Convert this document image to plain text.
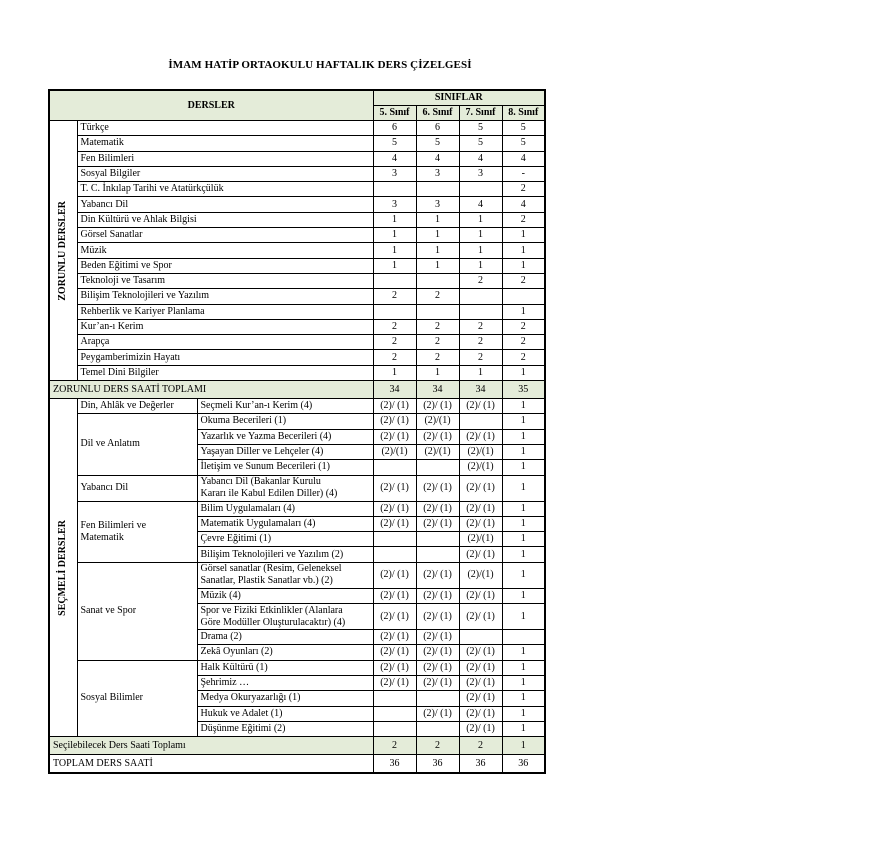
İMAM HATİP ORTAOKULU HAFTALIK DERS ÇİZELGESİ
DERSLER			SINIFLAR			
			5. Sınıf	6. Sınıf	7. Sınıf	8. Sınıf

ZORUNLU DERSLER	Türkçe		6	6	5	5
	Matematik		5	5	5	5
	Fen Bilimleri		4	4	4	4
	Sosyal Bilgiler		3	3	3	-
	T. C. İnkılap Tarihi ve Atatürkçülük					2
	Yabancı Dil		3	3	4	4
	Din Kültürü ve Ahlak Bilgisi		1	1	1	2
	Görsel Sanatlar		1	1	1	1
	Müzik		1	1	1	1
	Beden Eğitimi ve Spor		1	1	1	1
	Teknoloji ve Tasarım				2	2
	Bilişim Teknolojileri ve Yazılım		2	2		
	Rehberlik ve Kariyer Planlama					1
	Kur’an-ı Kerim		2	2	2	2
	Arapça		2	2	2	2
	Peygamberimizin Hayatı		2	2	2	2
	Temel Dini Bilgiler		1	1	1	1
ZORUNLU DERS SAATİ TOPLAMI			34	34	34	35

SEÇMELİ DERSLER	Din, Ahlâk ve Değerler	Seçmeli Kur’an-ı Kerim (4)	(2)/ (1)	(2)/ (1)	(2)/ (1)	1
	Dil ve Anlatım	Okuma Becerileri (1)	(2)/ (1)	(2)/(1)		1
		Yazarlık ve Yazma Becerileri (4)	(2)/ (1)	(2)/ (1)	(2)/ (1)	1
		Yaşayan Diller ve Lehçeler (4)	(2)/(1)	(2)/(1)	(2)/(1)	1
		İletişim ve Sunum Becerileri (1)			(2)/(1)	1
	Yabancı Dil	Yabancı Dil (Bakanlar Kurulu
Kararı ile Kabul Edilen Diller) (4)	(2)/ (1)	(2)/ (1)	(2)/ (1)	1
	Fen Bilimleri ve
Matematik	Bilim Uygulamaları (4)	(2)/ (1)	(2)/ (1)	(2)/ (1)	1
		Matematik Uygulamaları (4)	(2)/ (1)	(2)/ (1)	(2)/ (1)	1
		Çevre Eğitimi (1)			(2)/(1)	1
		Bilişim Teknolojileri ve Yazılım (2)			(2)/ (1)	1
	Sanat ve Spor	Görsel sanatlar (Resim, Geleneksel
Sanatlar, Plastik Sanatlar vb.) (2)	(2)/ (1)	(2)/ (1)	(2)/(1)	1
		Müzik (4)	(2)/ (1)	(2)/ (1)	(2)/ (1)	1
		Spor ve Fiziki Etkinlikler (Alanlara
Göre Modüller Oluşturulacaktır) (4)	(2)/ (1)	(2)/ (1)	(2)/ (1)	1
		Drama (2)	(2)/ (1)	(2)/ (1)		
		Zekâ Oyunları (2)	(2)/ (1)	(2)/ (1)	(2)/ (1)	1
	Sosyal Bilimler	Halk Kültürü (1)	(2)/ (1)	(2)/ (1)	(2)/ (1)	1
		Şehrimiz …	(2)/ (1)	(2)/ (1)	(2)/ (1)	1
		Medya Okuryazarlığı (1)			(2)/ (1)	1
		Hukuk ve Adalet (1)		(2)/ (1)	(2)/ (1)	1
		Düşünme Eğitimi (2)			(2)/ (1)	1
Seçilebilecek Ders Saati Toplamı			2	2	2	1
TOPLAM DERS SAATİ			36	36	36	36
